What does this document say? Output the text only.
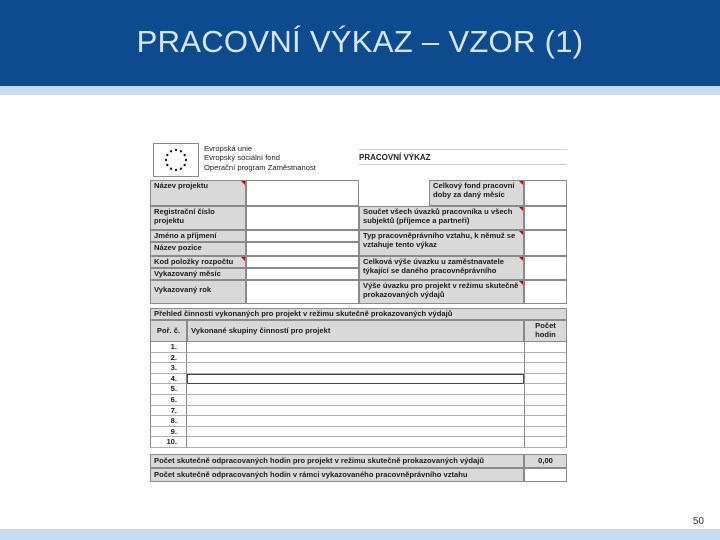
PRACOVNÍ VÝKAZ – VZOR (1)
Evropská unie
Evropský sociální fond
Operační program Zaměstnanost
PRACOVNÍ VÝKAZ
Název projektu
Registrační číslo projektu
Jméno a příjmení
Název pozice
Kod položky rozpočtu
Vykazovaný měsíc
Vykazovaný rok
Celkový fond pracovní doby za daný měsíc
Součet všech úvazků pracovníka u všech subjektů (příjemce a partneři)
Typ pracovněprávního vztahu, k němuž se vztahuje tento výkaz
Celková výše úvazku u zaměstnavatele týkající se daného pracovněprávního
Výše úvazku pro projekt v režimu skutečně prokazovaných výdajů
Přehled činností vykonaných pro projekt v režimu skutečně prokazovaných výdajů
Poř. č.	Vykonané skupiny činností pro projekt
Počet hodin
1.
2.
3.
4.
5.
6.
7.
8.
9.
10.
Počet skutečně odpracovaných hodin pro projekt v režimu skutečně prokazovaných výdajů	0,00
Počet skutečně odpracovaných hodin v rámci vykazovaného pracovněprávního vztahu
50
